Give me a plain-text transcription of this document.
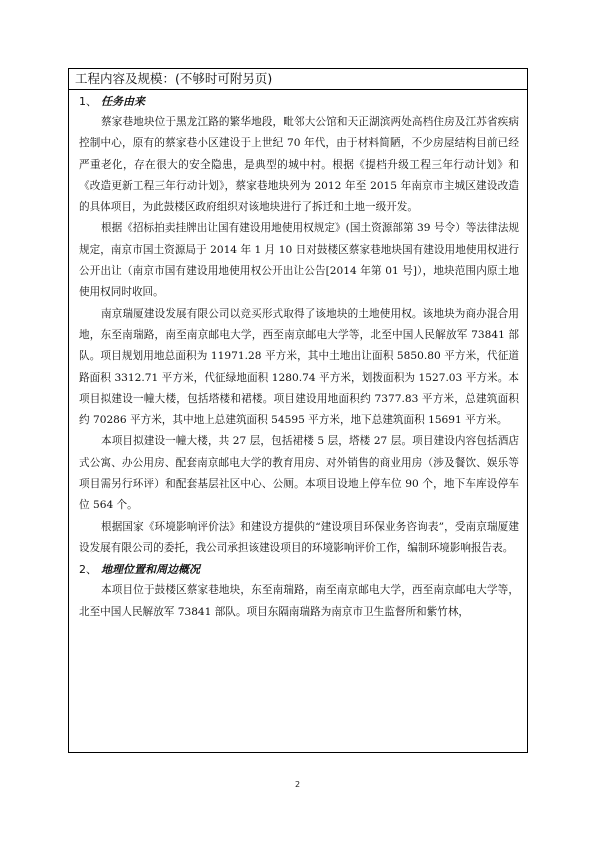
工程内容及规模：(不够时可附另页)
1、 任务由来

蔡家巷地块位于黑龙江路的繁华地段，毗邻大公馆和天正湖滨两处高档住房及江苏省疾病控制中心，原有的蔡家巷小区建设于上世纪 70 年代，由于材料简陋，不少房屋结构目前已经严重老化，存在很大的安全隐患，是典型的城中村。根据《提档升级工程三年行动计划》和《改造更新工程三年行动计划》，蔡家巷地块列为 2012 年至 2015 年南京市主城区建设改造的具体项目，为此鼓楼区政府组织对该地块进行了拆迁和土地一级开发。

根据《招标拍卖挂牌出让国有建设用地使用权规定》(国土资源部第 39 号令）等法律法规规定，南京市国土资源局于 2014 年 1 月 10 日对鼓楼区蔡家巷地块国有建设用地使用权进行公开出让（南京市国有建设用地使用权公开出让公告[2014 年第 01 号]），地块范围内原土地使用权同时收回。

南京瑞厦建设发展有限公司以竞买形式取得了该地块的土地使用权。该地块为商办混合用地，东至南瑞路，南至南京邮电大学，西至南京邮电大学等，北至中国人民解放军 73841 部队。项目规划用地总面积为 11971.28 平方米，其中土地出让面积 5850.80 平方米，代征道路面积 3312.71 平方米，代征绿地面积 1280.74 平方米，划拨面积为 1527.03 平方米。本项目拟建设一幢大楼，包括塔楼和裙楼。项目建设用地面积约 7377.83 平方米，总建筑面积约 70286 平方米，其中地上总建筑面积 54595 平方米，地下总建筑面积 15691 平方米。

本项目拟建设一幢大楼，共 27 层，包括裙楼 5 层，塔楼 27 层。项目建设内容包括酒店式公寓、办公用房、配套南京邮电大学的教育用房、对外销售的商业用房（涉及餐饮、娱乐等项目需另行环评）和配套基层社区中心、公厕。本项目设地上停车位 90 个，地下车库设停车位 564 个。

根据国家《环境影响评价法》和建设方提供的“建设项目环保业务咨询表”，受南京瑞厦建设发展有限公司的委托，我公司承担该建设项目的环境影响评价工作，编制环境影响报告表。

2、 地理位置和周边概况

本项目位于鼓楼区蔡家巷地块，东至南瑞路，南至南京邮电大学，西至南京邮电大学等，北至中国人民解放军 73841 部队。项目东隔南瑞路为南京市卫生监督所和紫竹林，

2
